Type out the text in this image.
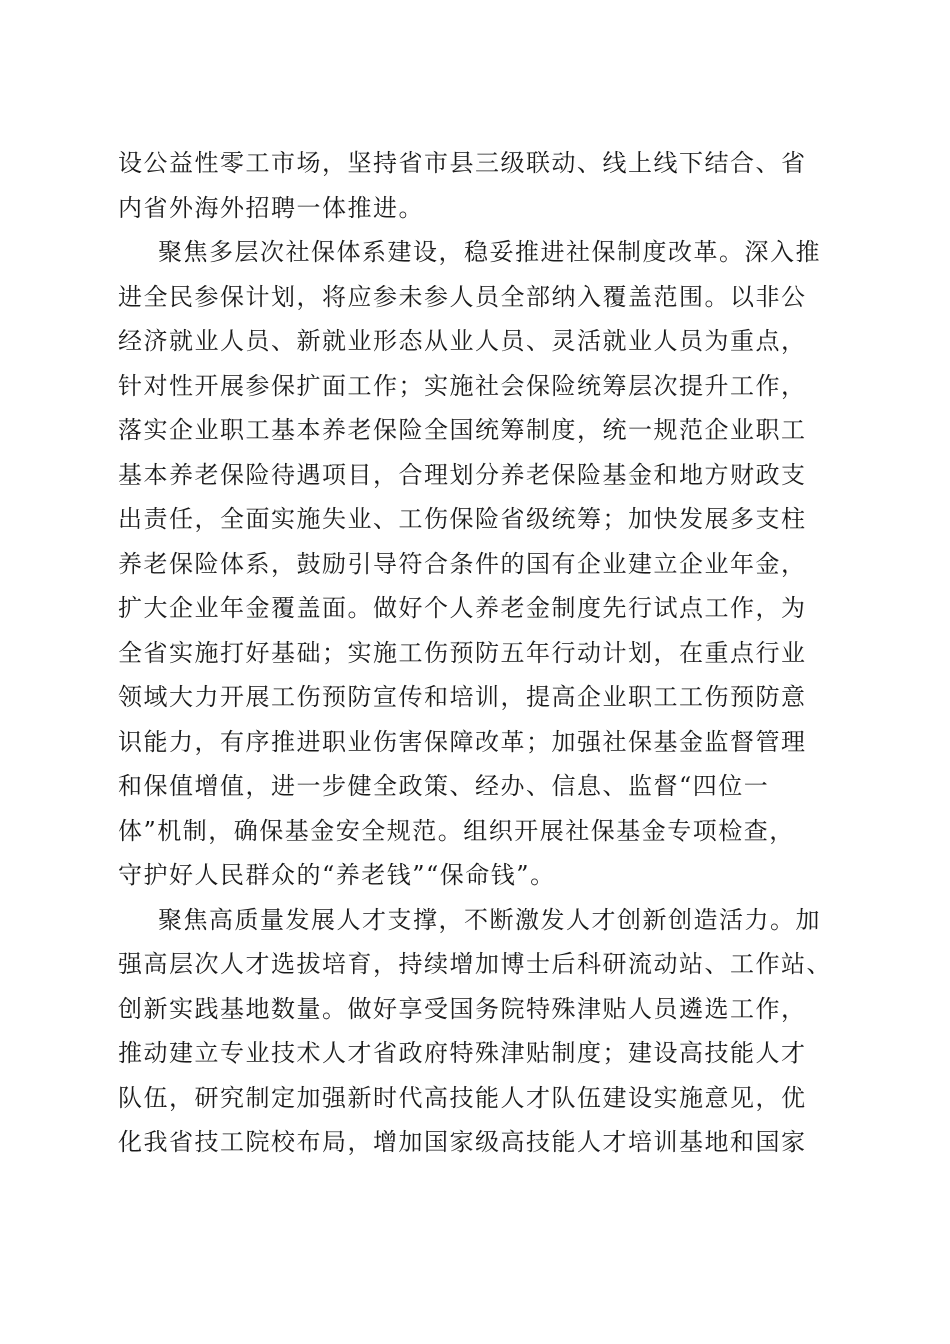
设公益性零工市场，坚持省市县三级联动、线上线下结合、省
内省外海外招聘一体推进。
聚焦多层次社保体系建设，稳妥推进社保制度改革。深入推
进全民参保计划，将应参未参人员全部纳入覆盖范围。以非公
经济就业人员、新就业形态从业人员、灵活就业人员为重点，
针对性开展参保扩面工作；实施社会保险统筹层次提升工作，
落实企业职工基本养老保险全国统筹制度，统一规范企业职工
基本养老保险待遇项目，合理划分养老保险基金和地方财政支
出责任，全面实施失业、工伤保险省级统筹；加快发展多支柱
养老保险体系，鼓励引导符合条件的国有企业建立企业年金，
扩大企业年金覆盖面。做好个人养老金制度先行试点工作，为
全省实施打好基础；实施工伤预防五年行动计划，在重点行业
领域大力开展工伤预防宣传和培训，提高企业职工工伤预防意
识能力，有序推进职业伤害保障改革；加强社保基金监督管理
和保值增值，进一步健全政策、经办、信息、监督“四位一
体”机制，确保基金安全规范。组织开展社保基金专项检查，
守护好人民群众的“养老钱”“保命钱”。
聚焦高质量发展人才支撑，不断激发人才创新创造活力。加
强高层次人才选拔培育，持续增加博士后科研流动站、工作站、
创新实践基地数量。做好享受国务院特殊津贴人员遴选工作，
推动建立专业技术人才省政府特殊津贴制度；建设高技能人才
队伍，研究制定加强新时代高技能人才队伍建设实施意见，优
化我省技工院校布局，增加国家级高技能人才培训基地和国家
